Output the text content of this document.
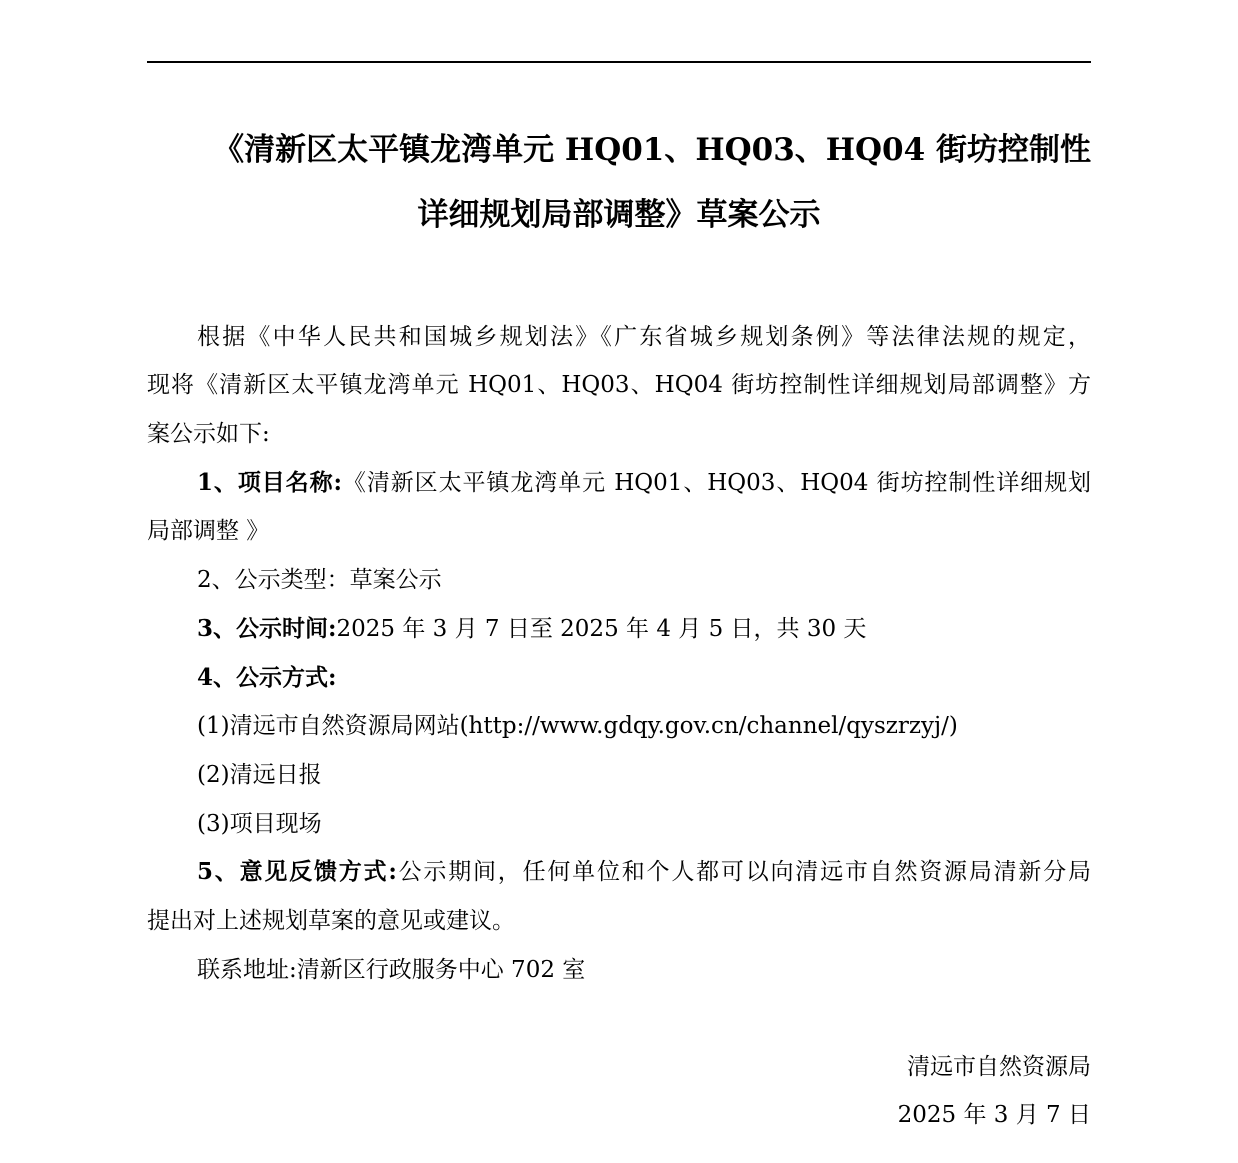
《清新区太平镇龙湾单元 HQ01、HQ03、HQ04 街坊控制性
详细规划局部调整》草案公示
根据《中华人民共和国城乡规划法》《广东省城乡规划条例》等法律法规的规定，
现将《清新区太平镇龙湾单元 HQ01、HQ03、HQ04 街坊控制性详细规划局部调整》方
案公示如下:
1、项目名称:《清新区太平镇龙湾单元 HQ01、HQ03、HQ04 街坊控制性详细规划
局部调整 》
2、公示类型：草案公示
3、公示时间:2025 年 3 月 7 日至 2025 年 4 月 5 日，共 30 天
4、公示方式:
(1)清远市自然资源局网站(http://www.gdqy.gov.cn/channel/qyszrzyj/)
(2)清远日报
(3)项目现场
5、意见反馈方式:公示期间，任何单位和个人都可以向清远市自然资源局清新分局
提出对上述规划草案的意见或建议。
联系地址:清新区行政服务中心 702 室
清远市自然资源局
2025 年 3 月 7 日
